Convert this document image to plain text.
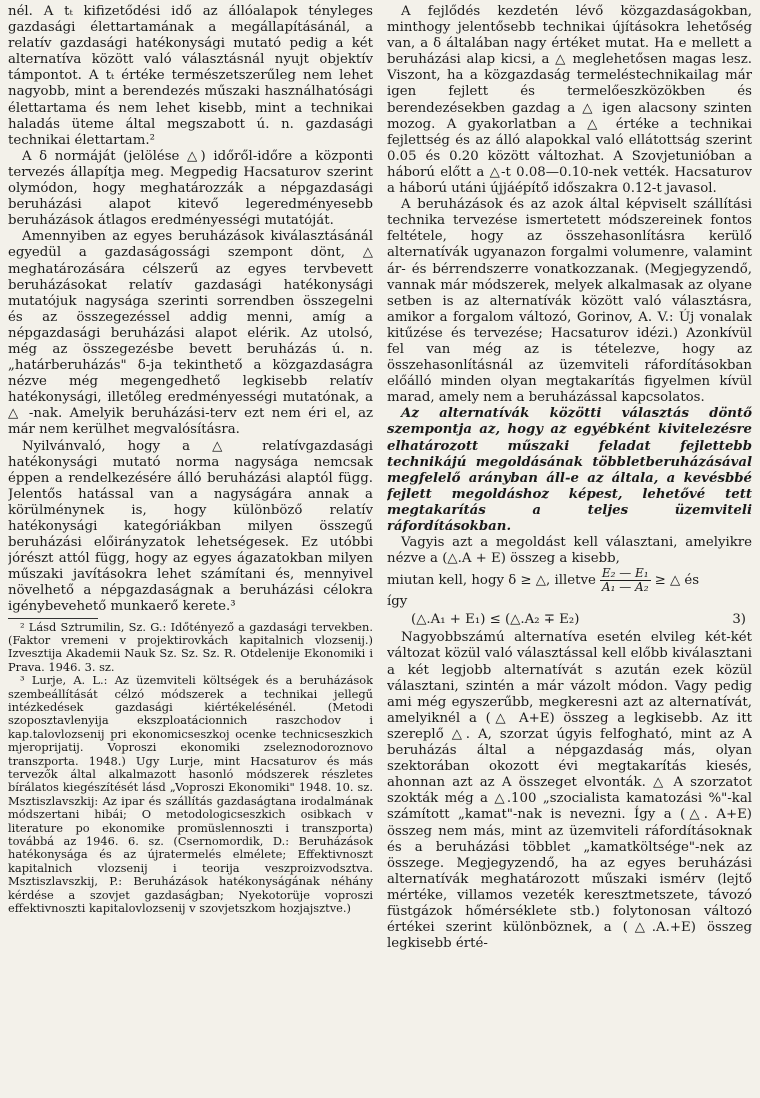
nél. A tₜ kifizetődési idő az állóalapok tényleges gazdasági élettartamának a megállapításánál, a relatív gazdasági hatékonysági mutató pedig a két alternatíva között való választásnál nyujt objektív támpontot. A tₜ értéke természetszerűleg nem lehet nagyobb, mint a berendezés műszaki használhatósági élettartama és nem lehet kisebb, mint a technikai haladás üteme által megszabott ú. n. gazdasági technikai élettartam.²

A δ normáját (jelölése △) időről-időre a központi tervezés állapítja meg. Megpedig Hacsaturov szerint olymódon, hogy meghatározzák a népgazdasági beruházási alapot kitevő legeredményesebb beruházások átlagos eredményességi mutatóját.

Amennyiben az egyes beruházások kiválasztásánál egyedül a gazdaságossági szempont dönt, △ meghatározására célszerű az egyes tervbevett beruházásokat relatív gazdasági hatékonysági mutatójuk nagysága szerinti sorrendben összegelni és az összegezéssel addig menni, amíg a népgazdasági beruházási alapot elérik. Az utolsó, még az összegezésbe bevett beruházás ú. n. „határberuházás" δ-ja tekinthető a közgazdaságra nézve még megengedhető legkisebb relatív hatékonysági, illetőleg eredményességi mutatónak, a △ -nak. Amelyik beruházási-terv ezt nem éri el, az már nem kerülhet megvalósításra.

Nyilvánvaló, hogy a △ relatívgazdasági hatékonysági mutató norma nagysága nemcsak éppen a rendelkezésére álló beruházási alaptól függ. Jelentős hatással van a nagyságára annak a körülménynek is, hogy különböző relatív hatékonysági kategóriákban milyen összegű beruházási előirányzatok lehetségesek. Ez utóbbi jórészt attól függ, hogy az egyes ágazatokban milyen műszaki javításokra lehet számítani és, mennyivel növelhető a népgazdaságnak a beruházási célokra igénybevehető munkaerő kerete.³

² Lásd Sztrumilin, Sz. G.: Időtényező a gazdasági tervekben. (Faktor vremeni v projektirovkách kapitalnich vlozsenij.) Izvesztija Akademii Nauk Sz. Sz. Sz. R. Otdelenije Ekonomiki i Prava. 1946. 3. sz.

³ Lurje, A. L.: Az üzemviteli költségek és a beruházások szembeállítását célzó módszerek a technikai jellegű intézkedések gazdasági kiértékelésénél. (Metodi szoposztavlenyija ekszploatácionnich raszchodov i kap.talovlozsenij pri ekonomicseszkoj ocenke technicseszkich mjeroprijatij. Voproszi ekonomiki zseleznodoroznovo transzporta. 1948.) Ugy Lurje, mint Hacsaturov és más tervezők által alkalmazott hasonló módszerek részletes bírálatos kiegészítését lásd „Voproszi Ekonomiki" 1948. 10. sz. Msztiszlavszkij: Az ipar és szállítás gazdaságtana irodalmának módszertani hibái; O metodologicseszkich osibkach v literature po ekonomike promüslennoszti i transzporta) továbbá az 1946. 6. sz. (Csernomordik, D.: Beruházások hatékonysága és az újratermelés elmélete; Effektivnoszt kapitalnich vlozsenij i teorija veszproizvodsztva. Msztiszlavszkij, P.: Beruházások hatékonyságának néhány kérdése a szovjet gazdaságban; Nyekotorüje voproszi effektivnoszti kapitalovlozsenij v szovjetszkom hozjajsztve.)

A fejlődés kezdetén lévő közgazdaságokban, minthogy jelentősebb technikai újításokra lehetőség van, a δ általában nagy értéket mutat. Ha e mellett a beruházási alap kicsi, a △ meglehetősen magas lesz. Viszont, ha a közgazdaság termeléstechnikailag már igen fejlett és termelőeszközökben és berendezésekben gazdag a △ igen alacsony szinten mozog. A gyakorlatban a △ értéke a technikai fejlettség és az álló alapokkal való ellátottság szerint 0.05 és 0.20 között változhat. A Szovjetunióban a háború előtt a △-t 0.08—0.10-nek vették. Hacsaturov a háború utáni újjáépítő időszakra 0.12-t javasol.

A beruházások és az azok által képviselt szállítási technika tervezése ismertetett módszereinek fontos feltétele, hogy az összehasonlításra kerülő alternatívák ugyanazon forgalmi volumenre, valamint ár- és bérrendszerre vonatkozzanak. (Megjegyzendő, vannak már módszerek, melyek alkalmasak az olyane setben is az alternatívák között való választásra, amikor a forgalom változó, Gorinov, A. V.: Új vonalak kitűzése és tervezése; Hacsaturov idézi.) Azonkívül fel van még az is tételezve, hogy az összehasonlításnál az üzemviteli ráfordításokban előálló minden olyan megtakarítás figyelmen kívül marad, amely nem a beruházással kapcsolatos.

Az alternatívák közötti választás döntő szempontja az, hogy az egyébként kivitelezésre elhatározott műszaki feladat fejlettebb technikájú megoldásának többletberuházásával megfelelő arányban áll-e az általa, a kevésbbé fejlett megoldáshoz képest, lehetővé tett megtakarítás a teljes üzemviteli ráfordításokban.

Vagyis azt a megoldást kell választani, amelyikre nézve a (△.A + E) összeg a kisebb,

miutan kell, hogy δ ≥ △, illetve $\frac{\text{E₂ — E₁}}{\text{A₁ — A₂}}$ ≥ △ és

így

(△.A₁ + E₁) ≤ (△.A₂ ∓ E₂)	3)

Nagyobbszámú alternatíva esetén elvileg két-két változat közül való választással kell előbb kiválasztani a két legjobb alternatívát s azután ezek közül választani, szintén a már vázolt módon. Vagy pedig ami még egyszerűbb, megkeresni azt az alternatívát, amelyiknél a (△ A+E) összeg a legkisebb. Az itt szereplő △. A, szorzat úgyis felfogható, mint az A beruházás által a népgazdaság más, olyan szektorában okozott évi megtakarítás kiesés, ahonnan azt az A összeget elvonták. △ A szorzatot szokták még a △.100 „szocialista kamatozási %"-kal számított „kamat"-nak is nevezni. Így a (△. A+E) összeg nem más, mint az üzemviteli ráfordításoknak és a beruházási többlet „kamatköltsége"-nek az összege. Megjegyzendő, ha az egyes beruházási alternatívák meghatározott műszaki ismérv (lejtő mértéke, villamos vezeték keresztmetszete, távozó füstgázok hőmérséklete stb.) folytonosan változó értékei szerint különböznek, a (△.A.+E) összeg legkisebb érté-
